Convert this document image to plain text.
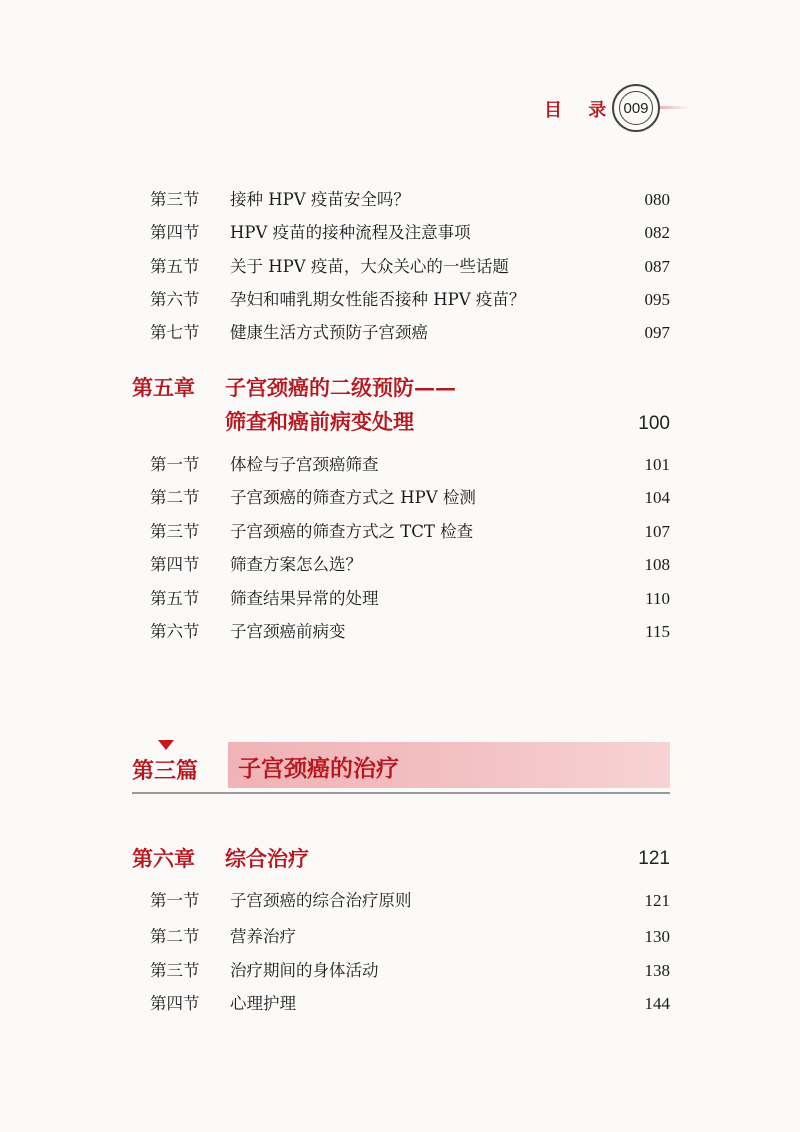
目 录 009
第三节 接种 HPV 疫苗安全吗？	080
第四节 HPV 疫苗的接种流程及注意事项	082
第五节 关于 HPV 疫苗，大众关心的一些话题	087
第六节 孕妇和哺乳期女性能否接种 HPV 疫苗？	095
第七节 健康生活方式预防子宫颈癌	097
第五章 子宫颈癌的二级预防——
筛查和癌前病变处理	100
第一节 体检与子宫颈癌筛查	101
第二节 子宫颈癌的筛查方式之 HPV 检测	104
第三节 子宫颈癌的筛查方式之 TCT 检查	107
第四节 筛查方案怎么选？	108
第五节 筛查结果异常的处理	110
第六节 子宫颈癌前病变	115
第三篇 子宫颈癌的治疗
第六章 综合治疗	121
第一节 子宫颈癌的综合治疗原则	121
第二节 营养治疗	130
第三节 治疗期间的身体活动	138
第四节 心理护理	144
